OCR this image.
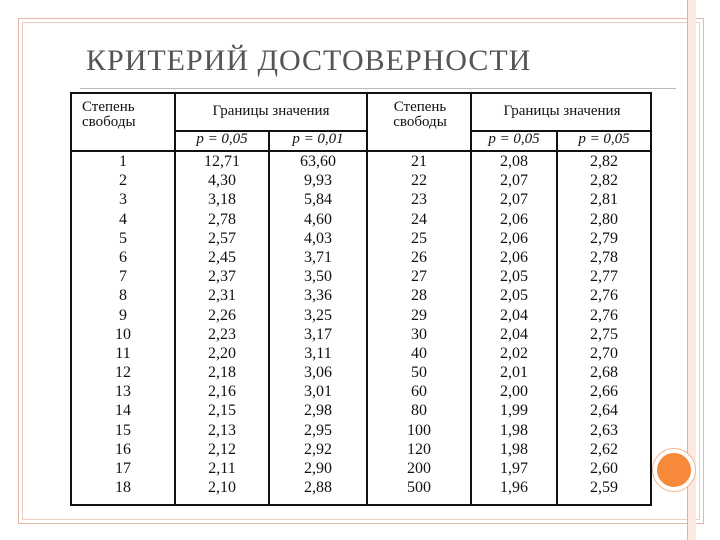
КРИТЕРИЙ ДОСТОВЕРНОСТИ
Степень
свободы
Границы значения
p = 0,05	p = 0,01
Степень
свободы
Границы значения
p = 0,05	p = 0,05
1
2
3
4
5
6
7
8
9
10
11
12
13
14
15
16
17
18
12,71
4,30
3,18
2,78
2,57
2,45
2,37
2,31
2,26
2,23
2,20
2,18
2,16
2,15
2,13
2,12
2,11
2,10
63,60
9,93
5,84
4,60
4,03
3,71
3,50
3,36
3,25
3,17
3,11
3,06
3,01
2,98
2,95
2,92
2,90
2,88
21
22
23
24
25
26
27
28
29
30
40
50
60
80
100
120
200
500
2,08
2,07
2,07
2,06
2,06
2,06
2,05
2,05
2,04
2,04
2,02
2,01
2,00
1,99
1,98
1,98
1,97
1,96
2,82
2,82
2,81
2,80
2,79
2,78
2,77
2,76
2,76
2,75
2,70
2,68
2,66
2,64
2,63
2,62
2,60
2,59
